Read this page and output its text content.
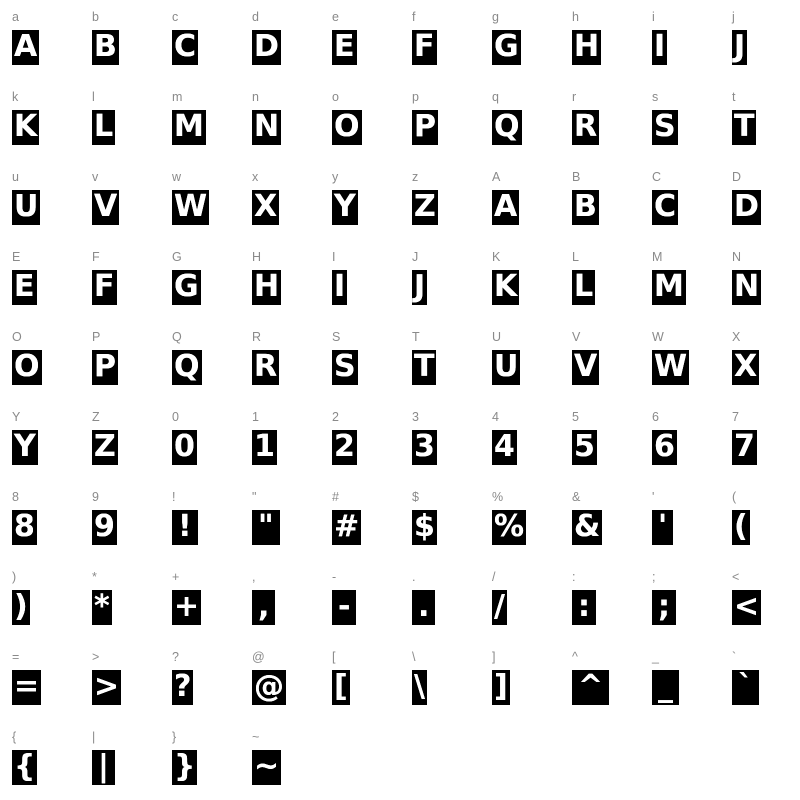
a
A
b
B
c
C
d
D
e
E
f
F
g
G
h
H
i
I
j
J
k
K
l
L
m
M
n
N
o
O
p
P
q
Q
r
R
s
S
t
T
u
U
v
V
w
W
x
X
y
Y
z
Z
A
A
B
B
C
C
D
D
E
E
F
F
G
G
H
H
I
I
J
J
K
K
L
L
M
M
N
N
O
O
P
P
Q
Q
R
R
S
S
T
T
U
U
V
V
W
W
X
X
Y
Y
Z
Z
0
0
1
1
2
2
3
3
4
4
5
5
6
6
7
7
8
8
9
9
!
!
"
"
#
#
$
$
%
%
&
&
'
'
(
(
)
)
*
*
+
+
,
,
-
-
.
.
/
/
:
:
;
;
<
<
=
=
>
>
?
?
@
@
[
[
\
\
]
]
^
^
_
_
`
`
{
{
|
|
}
}
~
~
